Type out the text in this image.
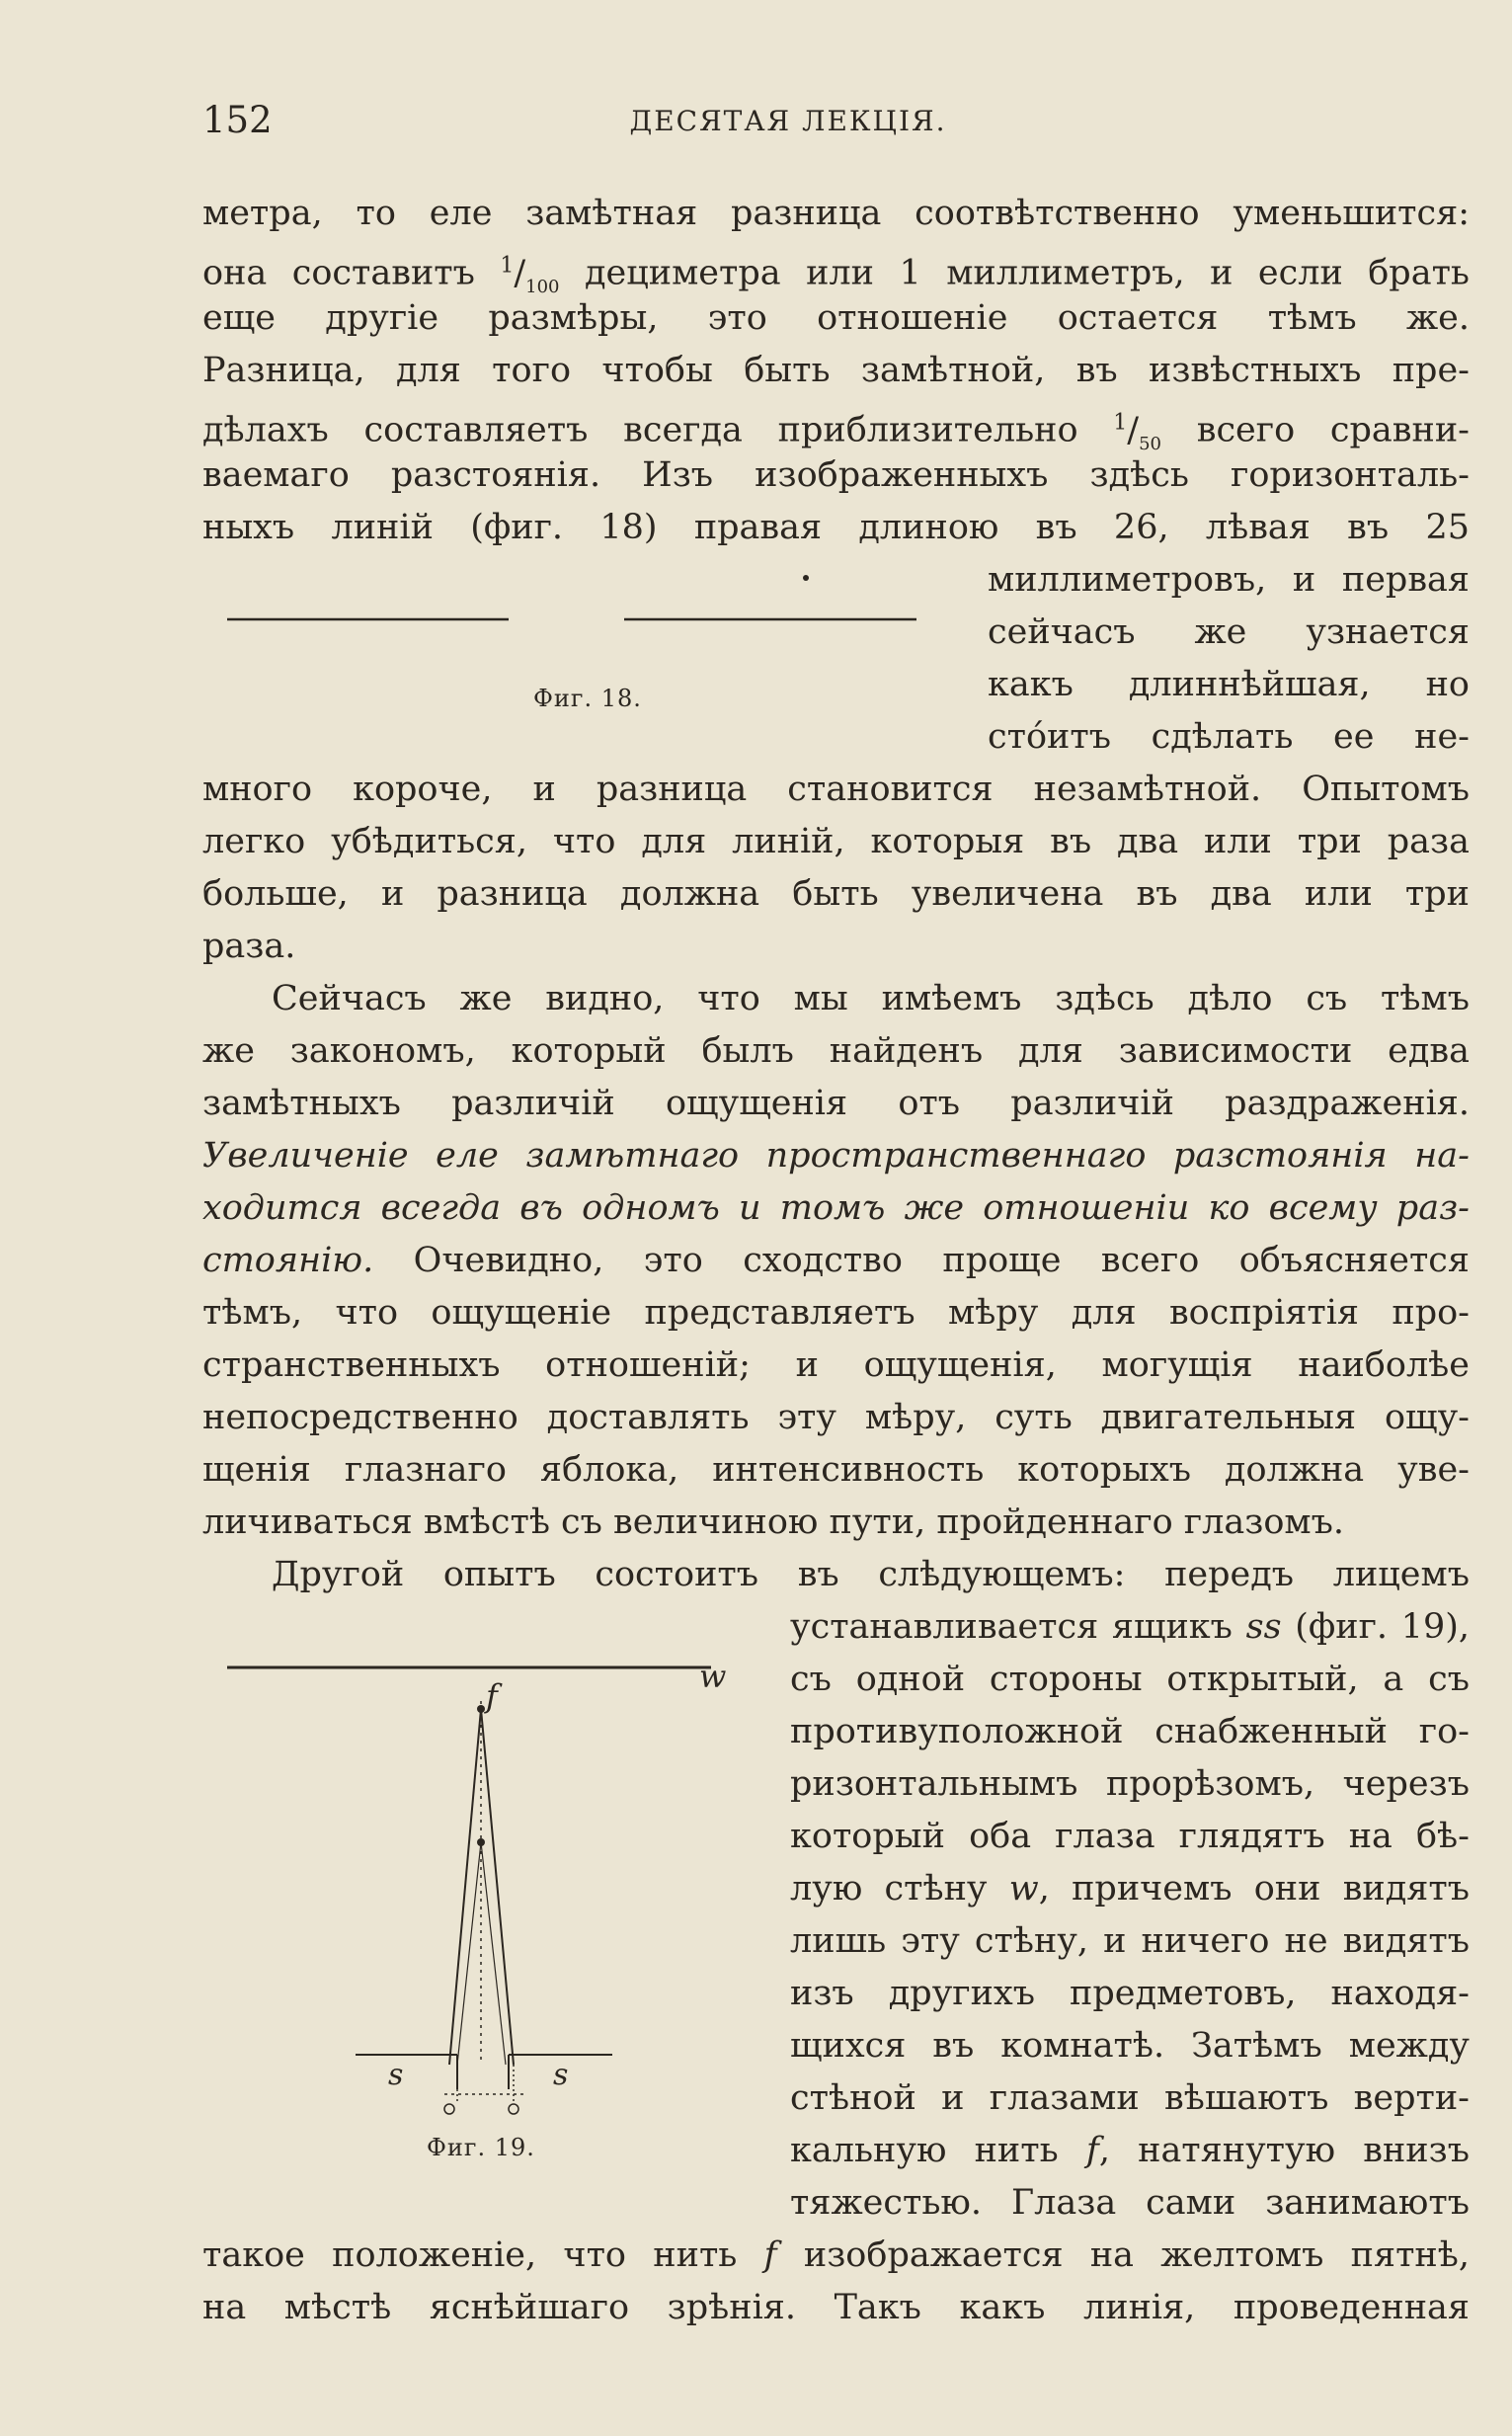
152	ДЕСЯТАЯ ЛЕКЦІЯ.
метра, то еле замѣтная разница соотвѣтственно уменьшится:
она составитъ $^1/_{100}$ дециметра или 1 миллиметръ, и если брать
еще другіе размѣры, это отношеніе остается тѣмъ же.
Разница, для того чтобы быть замѣтной, въ извѣстныхъ пре-
дѣлахъ составляетъ всегда приблизительно $^1/_{50}$ всего сравни-
ваемаго разстоянія. Изъ изображенныхъ здѣсь горизонталь-
ныхъ линій (фиг. 18) правая длиною въ 26, лѣвая въ 25
Фиг. 18.
миллиметровъ, и первая
сейчасъ же узнается
какъ длиннѣйшая, но
стóитъ сдѣлать ее не-
много короче, и разница становится незамѣтной. Опытомъ
легко убѣдиться, что для линій, которыя въ два или три раза
больше, и разница должна быть увеличена въ два или три
раза.
Сейчасъ же видно, что мы имѣемъ здѣсь дѣло съ тѣмъ
же закономъ, который былъ найденъ для зависимости едва
замѣтныхъ различій ощущенія отъ различій раздраженія.
Увеличеніе еле замѣтнаго пространственнаго разстоянія на-
ходится всегда въ одномъ и томъ же отношеніи ко всему раз-
стоянію. Очевидно, это сходство проще всего объясняется
тѣмъ, что ощущеніе представляетъ мѣру для воспріятія про-
странственныхъ отношеній; и ощущенія, могущія наиболѣе
непосредственно доставлять эту мѣру, суть двигательныя ощу-
щенія глазнаго яблока, интенсивность которыхъ должна уве-
личиваться вмѣстѣ съ величиною пути, пройденнаго глазомъ.
Другой опытъ состоитъ въ слѣдующемъ: передъ лицемъ
устанавливается ящикъ ss (фиг. 19),
съ одной стороны открытый, а съ
противуположной снабженный го-
ризонтальнымъ прорѣзомъ, черезъ
который оба глаза глядятъ на бѣ-
лую стѣну w, причемъ они видятъ
лишь эту стѣну, и ничего не видятъ
изъ другихъ предметовъ, находя-
щихся въ комнатѣ. Затѣмъ между
стѣной и глазами вѣшаютъ верти-
кальную нить f, натянутую внизъ
тяжестью. Глаза сами занимаютъ
такое положеніе, что нить f изображается на желтомъ пятнѣ,
на мѣстѣ яснѣйшаго зрѣнія. Такъ какъ линія, проведенная
w
f
s	s
Фиг. 19.
